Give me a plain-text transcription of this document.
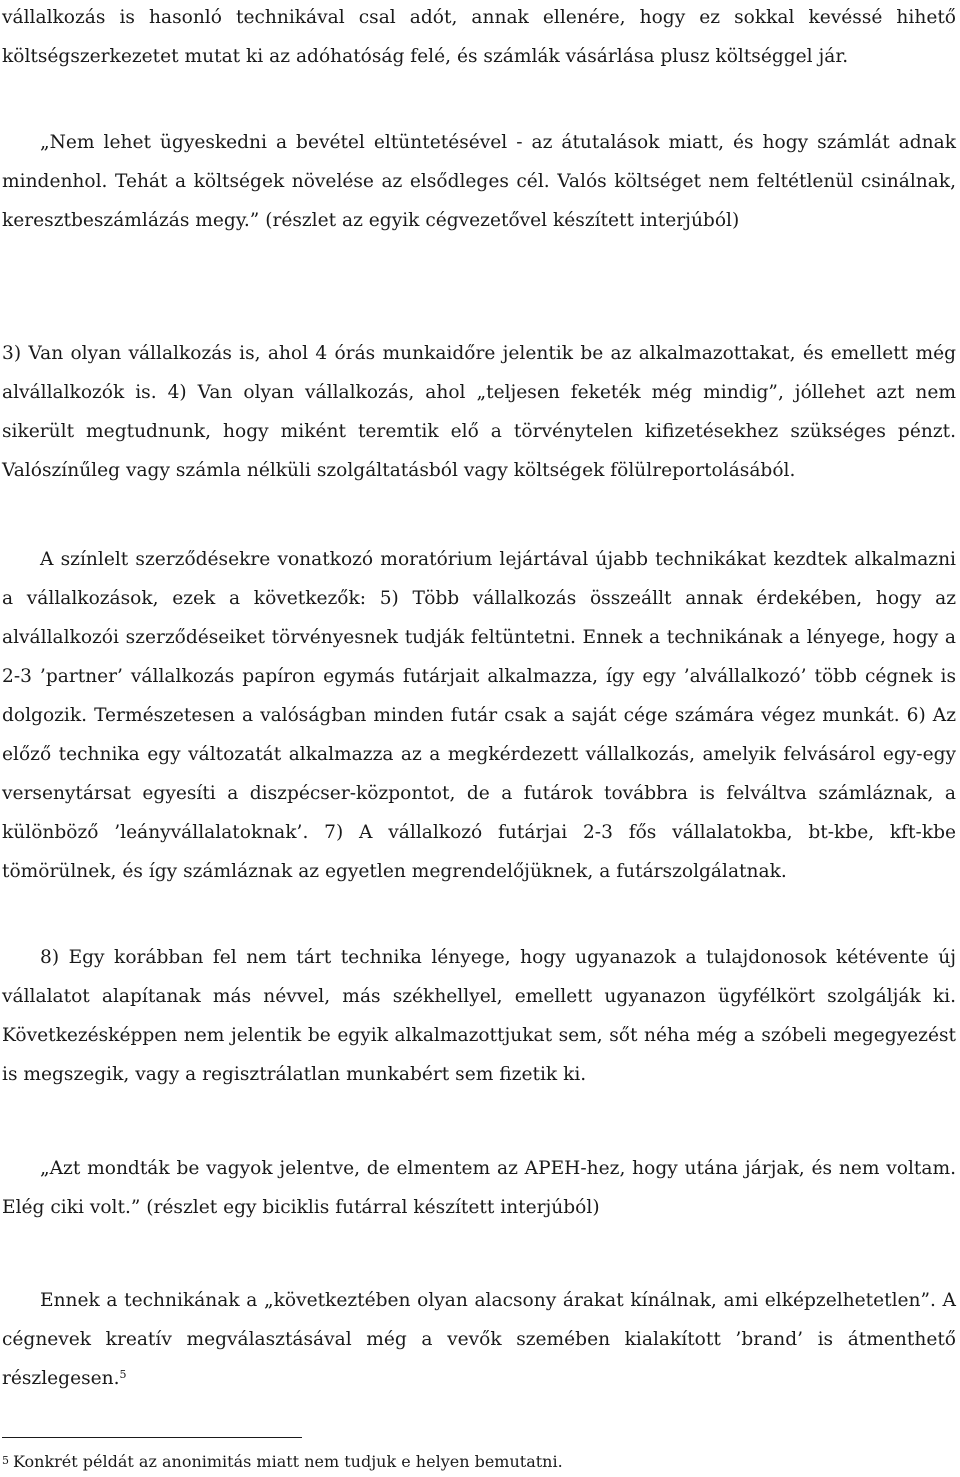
vállalkozás is hasonló technikával csal adót, annak ellenére, hogy ez sokkal kevéssé hihető költségszerkezetet mutat ki az adóhatóság felé, és számlák vásárlása plusz költséggel jár.

„Nem lehet ügyeskedni a bevétel eltüntetésével - az átutalások miatt, és hogy számlát adnak mindenhol. Tehát a költségek növelése az elsődleges cél. Valós költséget nem feltétlenül csinálnak, keresztbeszámlázás megy.” (részlet az egyik cégvezetővel készített interjúból)

3) Van olyan vállalkozás is, ahol 4 órás munkaidőre jelentik be az alkalmazottakat, és emellett még alvállalkozók is. 4) Van olyan vállalkozás, ahol „teljesen feketék még mindig”, jóllehet azt nem sikerült megtudnunk, hogy miként teremtik elő a törvénytelen kifizetésekhez szükséges pénzt. Valószínűleg vagy számla nélküli szolgáltatásból vagy költségek fölülreportolásából.

A színlelt szerződésekre vonatkozó moratórium lejártával újabb technikákat kezdtek alkalmazni a vállalkozások, ezek a következők: 5) Több vállalkozás összeállt annak érdekében, hogy az alvállalkozói szerződéseiket törvényesnek tudják feltüntetni. Ennek a technikának a lényege, hogy a 2-3 ’partner’ vállalkozás papíron egymás futárjait alkalmazza, így egy ’alvállalkozó’ több cégnek is dolgozik. Természetesen a valóságban minden futár csak a saját cége számára végez munkát. 6) Az előző technika egy változatát alkalmazza az a megkérdezett vállalkozás, amelyik felvásárol egy-egy versenytársat egyesíti a diszpécser-központot, de a futárok továbbra is felváltva számláznak, a különböző ’leányvállalatoknak’. 7) A vállalkozó futárjai 2-3 fős vállalatokba, bt-kbe, kft-kbe tömörülnek, és így számláznak az egyetlen megrendelőjüknek, a futárszolgálatnak.

8) Egy korábban fel nem tárt technika lényege, hogy ugyanazok a tulajdonosok kétévente új vállalatot alapítanak más névvel, más székhellyel, emellett ugyanazon ügyfélkört szolgálják ki. Következésképpen nem jelentik be egyik alkalmazottjukat sem, sőt néha még a szóbeli megegyezést is megszegik, vagy a regisztrálatlan munkabért sem fizetik ki.

„Azt mondták be vagyok jelentve, de elmentem az APEH-hez, hogy utána járjak, és nem voltam. Elég ciki volt.” (részlet egy biciklis futárral készített interjúból)

Ennek a technikának a „következtében olyan alacsony árakat kínálnak, ami elképzelhetetlen”. A cégnevek kreatív megválasztásával még a vevők szemében kialakított ’brand’ is átmenthető részlegesen.$^5$

5 Konkrét példát az anonimitás miatt nem tudjuk e helyen bemutatni.
